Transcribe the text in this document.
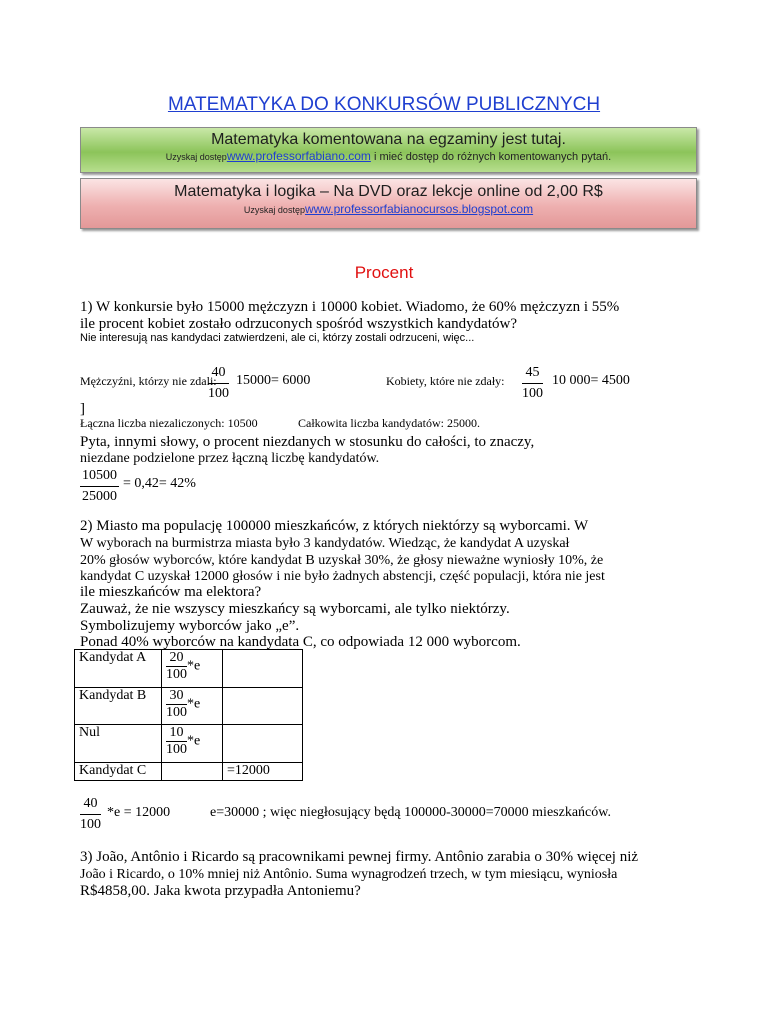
MATEMATYKA DO KONKURSÓW PUBLICZNYCH
Matematyka komentowana na egzaminy jest tutaj.
Uzyskaj dostępwww.professorfabiano.com i mieć dostęp do różnych komentowanych pytań.
Matematyka i logika – Na DVD oraz lekcje online od 2,00 R$
Uzyskaj dostępwww.professorfabianocursos.blogspot.com
Procent
1) W konkursie było 15000 mężczyzn i 10000 kobiet. Wiadomo, że 60% mężczyzn i 55%
ile procent kobiet zostało odrzuconych spośród wszystkich kandydatów?
Nie interesują nas kandydaci zatwierdzeni, ale ci, którzy zostali odrzuceni, więc...
Mężczyźni, którzy nie zdali:
$\frac{40}{100} 15000= 6000$	Kobiety, które nie zdały: $\frac{45}{100} 10$ 000= 4500
]
Łączna liczba niezaliczonych: 10500	Całkowita liczba kandydatów: 25000.
Pyta, innymi słowy, o procent niezdanych w stosunku do całości, to znaczy,
niezdane podzielone przez łączną liczbę kandydatów.
$\frac{10500}{25000} = 0,42= 42\%$
2) Miasto ma populację 100000 mieszkańców, z których niektórzy są wyborcami. W
W wyborach na burmistrza miasta było 3 kandydatów. Wiedząc, że kandydat A uzyskał
20% głosów wyborców, które kandydat B uzyskał 30%, że głosy nieważne wyniosły 10%, że
kandydat C uzyskał 12000 głosów i nie było żadnych abstencji, część populacji, która nie jest
ile mieszkańców ma elektora?
Zauważ, że nie wszyscy mieszkańcy są wyborcami, ale tylko niektórzy.
Symbolizujemy wyborców jako „e”.
Ponad 40% wyborców na kandydata C, co odpowiada 12 000 wyborcom.
Kandydat A	$\frac{20}{100} *e$	
Kandydat B	$\frac{30}{100} *e$	
Nul	$\frac{10}{100} *e$	
Kandydat C		=12000
$\frac{40}{100} *e = 12000$	e=30000 ; więc niegłosujący będą 100000-30000=70000 mieszkańców.
3) João, Antônio i Ricardo są pracownikami pewnej firmy. Antônio zarabia o 30% więcej niż
João i Ricardo, o 10% mniej niż Antônio. Suma wynagrodzeń trzech, w tym miesiącu, wyniosła
R$4858,00. Jaka kwota przypadła Antoniemu?
